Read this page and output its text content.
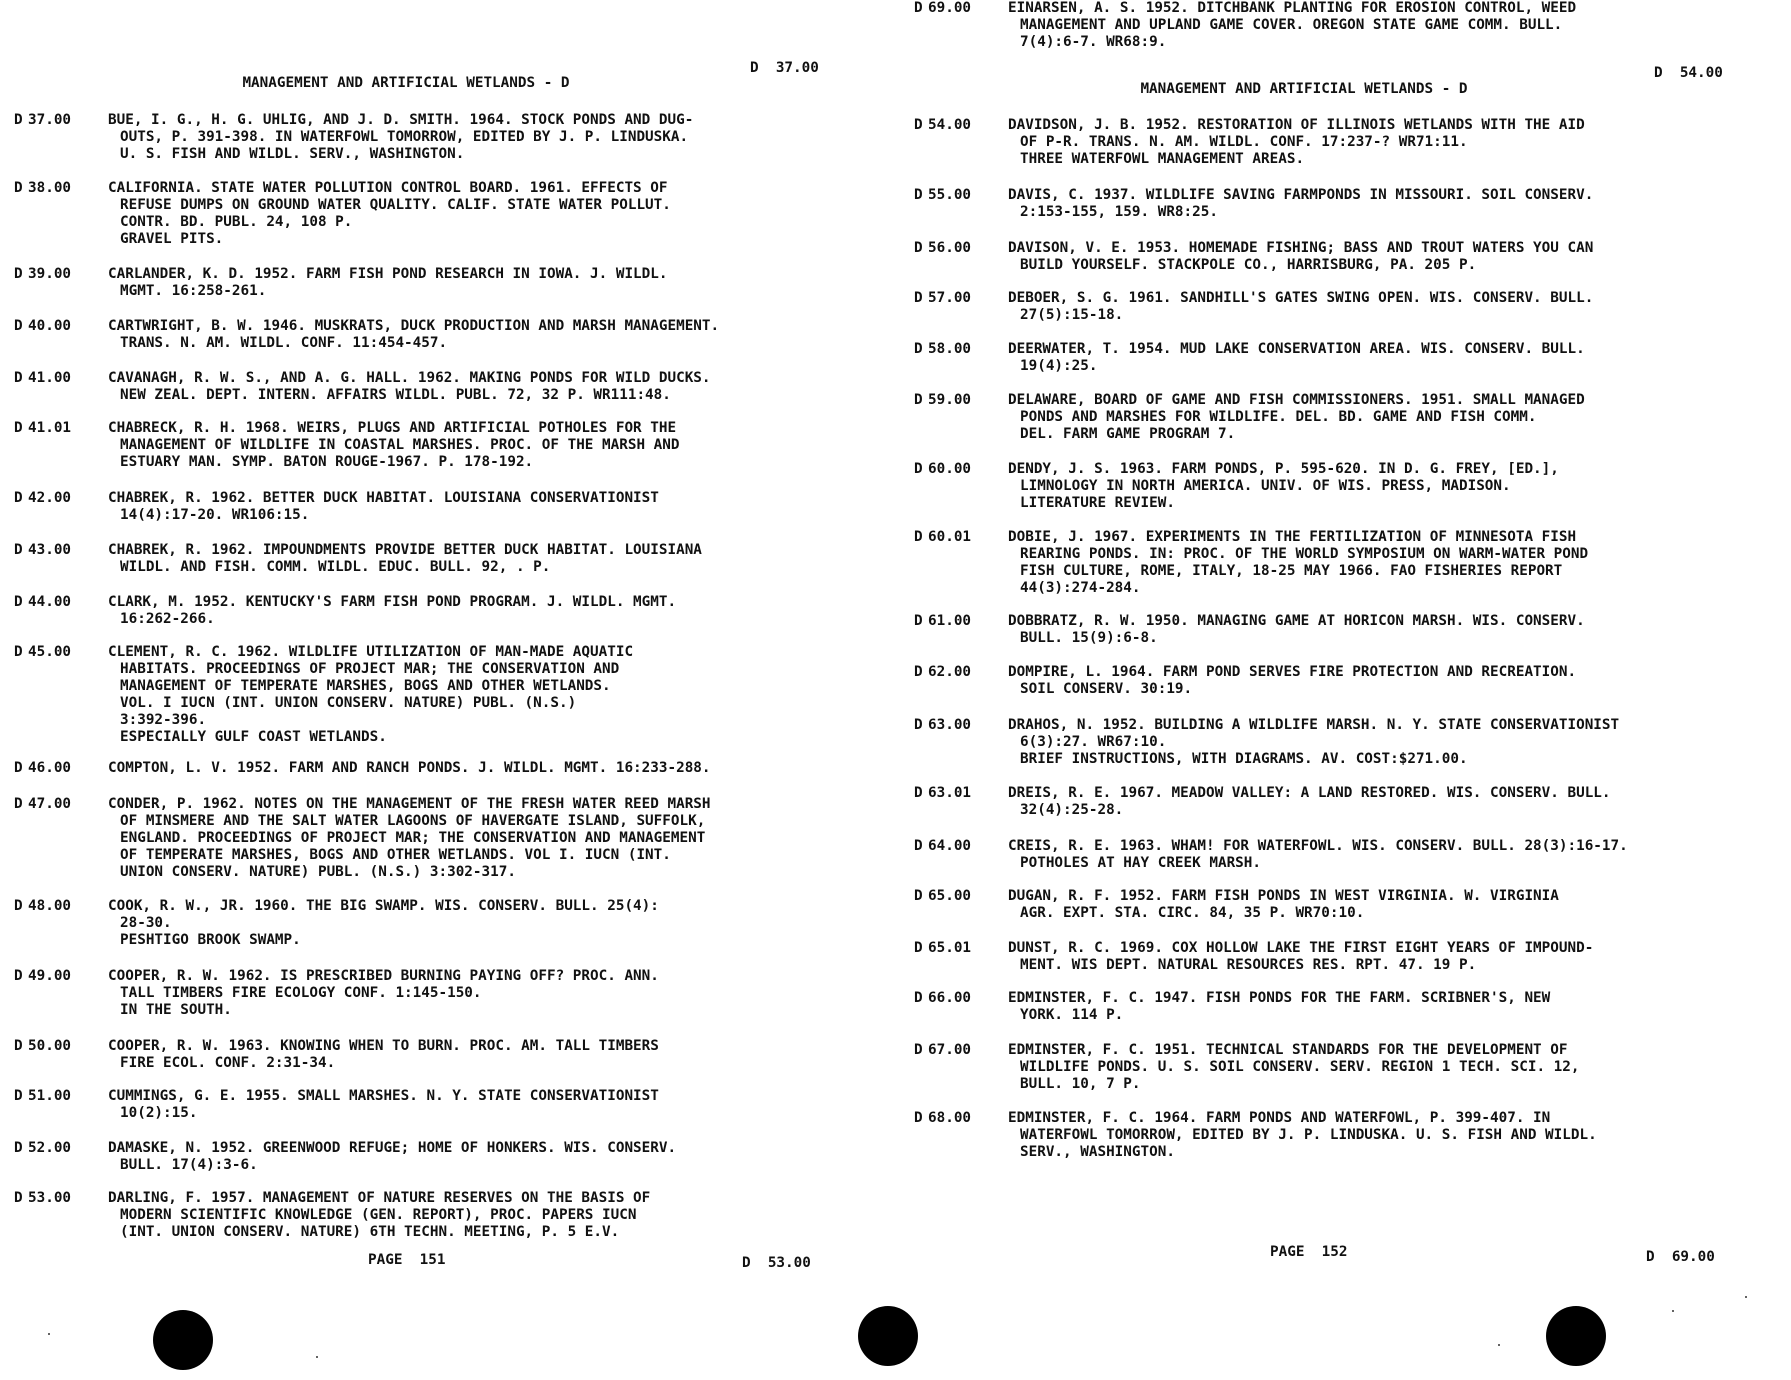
MANAGEMENT AND ARTIFICIAL WETLANDS - D

D  37.00
D 37.00	BUE, I. G., H. G. UHLIG, AND J. D. SMITH. 1964. STOCK PONDS AND DUG-
OUTS, P. 391-398. IN WATERFOWL TOMORROW, EDITED BY J. P. LINDUSKA.
U. S. FISH AND WILDL. SERV., WASHINGTON.
D 38.00	CALIFORNIA. STATE WATER POLLUTION CONTROL BOARD. 1961. EFFECTS OF
REFUSE DUMPS ON GROUND WATER QUALITY. CALIF. STATE WATER POLLUT.
CONTR. BD. PUBL. 24, 108 P.
GRAVEL PITS.
D 39.00	CARLANDER, K. D. 1952. FARM FISH POND RESEARCH IN IOWA. J. WILDL.
MGMT. 16:258-261.
D 40.00	CARTWRIGHT, B. W. 1946. MUSKRATS, DUCK PRODUCTION AND MARSH MANAGEMENT.
TRANS. N. AM. WILDL. CONF. 11:454-457.
D 41.00	CAVANAGH, R. W. S., AND A. G. HALL. 1962. MAKING PONDS FOR WILD DUCKS.
NEW ZEAL. DEPT. INTERN. AFFAIRS WILDL. PUBL. 72, 32 P. WR111:48.
D 41.01	CHABRECK, R. H. 1968. WEIRS, PLUGS AND ARTIFICIAL POTHOLES FOR THE
MANAGEMENT OF WILDLIFE IN COASTAL MARSHES. PROC. OF THE MARSH AND
ESTUARY MAN. SYMP. BATON ROUGE-1967. P. 178-192.
D 42.00	CHABREK, R. 1962. BETTER DUCK HABITAT. LOUISIANA CONSERVATIONIST
14(4):17-20. WR106:15.
D 43.00	CHABREK, R. 1962. IMPOUNDMENTS PROVIDE BETTER DUCK HABITAT. LOUISIANA
WILDL. AND FISH. COMM. WILDL. EDUC. BULL. 92, . P.
D 44.00	CLARK, M. 1952. KENTUCKY'S FARM FISH POND PROGRAM. J. WILDL. MGMT.
16:262-266.
D 45.00	CLEMENT, R. C. 1962. WILDLIFE UTILIZATION OF MAN-MADE AQUATIC
HABITATS. PROCEEDINGS OF PROJECT MAR; THE CONSERVATION AND
MANAGEMENT OF TEMPERATE MARSHES, BOGS AND OTHER WETLANDS.
VOL. I IUCN (INT. UNION CONSERV. NATURE) PUBL. (N.S.)
3:392-396.
ESPECIALLY GULF COAST WETLANDS.
D 46.00	COMPTON, L. V. 1952. FARM AND RANCH PONDS. J. WILDL. MGMT. 16:233-288.
D 47.00	CONDER, P. 1962. NOTES ON THE MANAGEMENT OF THE FRESH WATER REED MARSH
OF MINSMERE AND THE SALT WATER LAGOONS OF HAVERGATE ISLAND, SUFFOLK,
ENGLAND. PROCEEDINGS OF PROJECT MAR; THE CONSERVATION AND MANAGEMENT
OF TEMPERATE MARSHES, BOGS AND OTHER WETLANDS. VOL I. IUCN (INT.
UNION CONSERV. NATURE) PUBL. (N.S.) 3:302-317.
D 48.00	COOK, R. W., JR. 1960. THE BIG SWAMP. WIS. CONSERV. BULL. 25(4):
28-30.
PESHTIGO BROOK SWAMP.
D 49.00	COOPER, R. W. 1962. IS PRESCRIBED BURNING PAYING OFF? PROC. ANN.
TALL TIMBERS FIRE ECOLOGY CONF. 1:145-150.
IN THE SOUTH.
D 50.00	COOPER, R. W. 1963. KNOWING WHEN TO BURN. PROC. AM. TALL TIMBERS
FIRE ECOL. CONF. 2:31-34.
D 51.00	CUMMINGS, G. E. 1955. SMALL MARSHES. N. Y. STATE CONSERVATIONIST
10(2):15.
D 52.00	DAMASKE, N. 1952. GREENWOOD REFUGE; HOME OF HONKERS. WIS. CONSERV.
BULL. 17(4):3-6.
D 53.00	DARLING, F. 1957. MANAGEMENT OF NATURE RESERVES ON THE BASIS OF
MODERN SCIENTIFIC KNOWLEDGE (GEN. REPORT), PROC. PAPERS IUCN
(INT. UNION CONSERV. NATURE) 6TH TECHN. MEETING, P. 5 E.V.
PAGE  151	D  53.00

MANAGEMENT AND ARTIFICIAL WETLANDS - D

D  54.00
D 54.00	DAVIDSON, J. B. 1952. RESTORATION OF ILLINOIS WETLANDS WITH THE AID
OF P-R. TRANS. N. AM. WILDL. CONF. 17:237-? WR71:11.
THREE WATERFOWL MANAGEMENT AREAS.
D 55.00	DAVIS, C. 1937. WILDLIFE SAVING FARMPONDS IN MISSOURI. SOIL CONSERV.
2:153-155, 159. WR8:25.
D 56.00	DAVISON, V. E. 1953. HOMEMADE FISHING; BASS AND TROUT WATERS YOU CAN
BUILD YOURSELF. STACKPOLE CO., HARRISBURG, PA. 205 P.
D 57.00	DEBOER, S. G. 1961. SANDHILL'S GATES SWING OPEN. WIS. CONSERV. BULL.
27(5):15-18.
D 58.00	DEERWATER, T. 1954. MUD LAKE CONSERVATION AREA. WIS. CONSERV. BULL.
19(4):25.
D 59.00	DELAWARE, BOARD OF GAME AND FISH COMMISSIONERS. 1951. SMALL MANAGED
PONDS AND MARSHES FOR WILDLIFE. DEL. BD. GAME AND FISH COMM.
DEL. FARM GAME PROGRAM 7.
D 60.00	DENDY, J. S. 1963. FARM PONDS, P. 595-620. IN D. G. FREY, [ED.],
LIMNOLOGY IN NORTH AMERICA. UNIV. OF WIS. PRESS, MADISON.
LITERATURE REVIEW.
D 60.01	DOBIE, J. 1967. EXPERIMENTS IN THE FERTILIZATION OF MINNESOTA FISH
REARING PONDS. IN: PROC. OF THE WORLD SYMPOSIUM ON WARM-WATER POND
FISH CULTURE, ROME, ITALY, 18-25 MAY 1966. FAO FISHERIES REPORT
44(3):274-284.
D 61.00	DOBBRATZ, R. W. 1950. MANAGING GAME AT HORICON MARSH. WIS. CONSERV.
BULL. 15(9):6-8.
D 62.00	DOMPIRE, L. 1964. FARM POND SERVES FIRE PROTECTION AND RECREATION.
SOIL CONSERV. 30:19.
D 63.00	DRAHOS, N. 1952. BUILDING A WILDLIFE MARSH. N. Y. STATE CONSERVATIONIST
6(3):27. WR67:10.
BRIEF INSTRUCTIONS, WITH DIAGRAMS. AV. COST:$271.00.
D 63.01	DREIS, R. E. 1967. MEADOW VALLEY: A LAND RESTORED. WIS. CONSERV. BULL.
32(4):25-28.
D 64.00	CREIS, R. E. 1963. WHAM! FOR WATERFOWL. WIS. CONSERV. BULL. 28(3):16-17.
POTHOLES AT HAY CREEK MARSH.
D 65.00	DUGAN, R. F. 1952. FARM FISH PONDS IN WEST VIRGINIA. W. VIRGINIA
AGR. EXPT. STA. CIRC. 84, 35 P. WR70:10.
D 65.01	DUNST, R. C. 1969. COX HOLLOW LAKE THE FIRST EIGHT YEARS OF IMPOUND-
MENT. WIS DEPT. NATURAL RESOURCES RES. RPT. 47. 19 P.
D 66.00	EDMINSTER, F. C. 1947. FISH PONDS FOR THE FARM. SCRIBNER'S, NEW
YORK. 114 P.
D 67.00	EDMINSTER, F. C. 1951. TECHNICAL STANDARDS FOR THE DEVELOPMENT OF
WILDLIFE PONDS. U. S. SOIL CONSERV. SERV. REGION 1 TECH. SCI. 12,
BULL. 10, 7 P.
D 68.00	EDMINSTER, F. C. 1964. FARM PONDS AND WATERFOWL, P. 399-407. IN
WATERFOWL TOMORROW, EDITED BY J. P. LINDUSKA. U. S. FISH AND WILDL.
SERV., WASHINGTON.
D 69.00	EINARSEN, A. S. 1952. DITCHBANK PLANTING FOR EROSION CONTROL, WEED
MANAGEMENT AND UPLAND GAME COVER. OREGON STATE GAME COMM. BULL.
7(4):6-7. WR68:9.
PAGE  152	D  69.00
